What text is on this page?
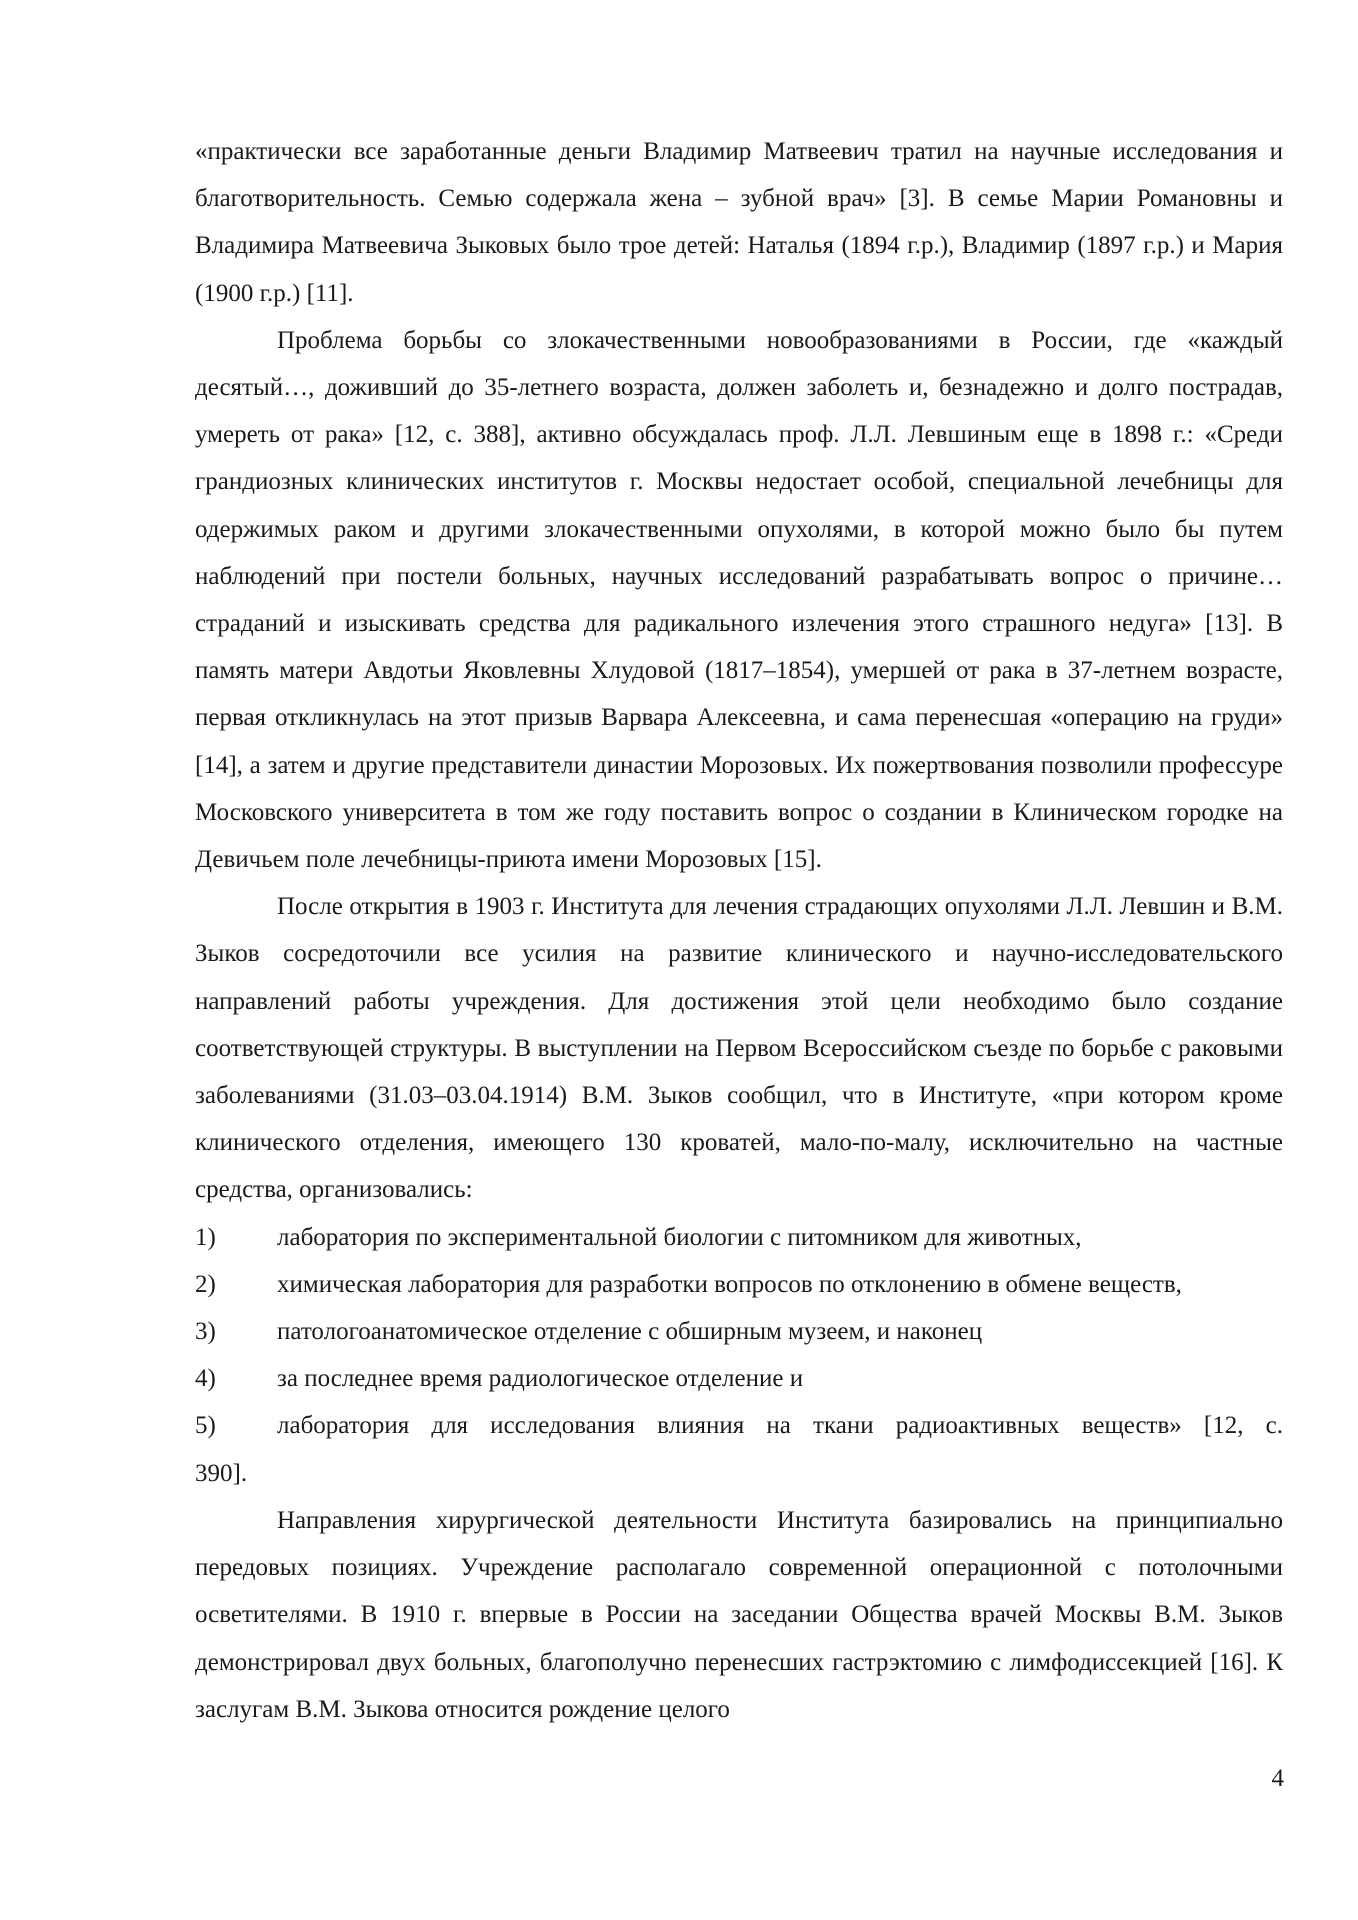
«практически все заработанные деньги Владимир Матвеевич тратил на научные исследования и благотворительность. Семью содержала жена – зубной врач» [3]. В семье Марии Романовны и Владимира Матвеевича Зыковых было трое детей: Наталья (1894 г.р.), Владимир (1897 г.р.) и Мария (1900 г.р.) [11].

Проблема борьбы со злокачественными новообразованиями в России, где «каждый десятый…, доживший до 35-летнего возраста, должен заболеть и, безнадежно и долго пострадав, умереть от рака» [12, с. 388], активно обсуждалась проф. Л.Л. Левшиным еще в 1898 г.: «Среди грандиозных клинических институтов г. Москвы недостает особой, специальной лечебницы для одержимых раком и другими злокачественными опухолями, в которой можно было бы путем наблюдений при постели больных, научных исследований разрабатывать вопрос о причине… страданий и изыскивать средства для радикального излечения этого страшного недуга» [13]. В память матери Авдотьи Яковлевны Хлудовой (1817–1854), умершей от рака в 37-летнем возрасте, первая откликнулась на этот призыв Варвара Алексеевна, и сама перенесшая «операцию на груди» [14], а затем и другие представители династии Морозовых. Их пожертвования позволили профессуре Московского университета в том же году поставить вопрос о создании в Клиническом городке на Девичьем поле лечебницы-приюта имени Морозовых [15].

После открытия в 1903 г. Института для лечения страдающих опухолями Л.Л. Левшин и В.М. Зыков сосредоточили все усилия на развитие клинического и научно-исследовательского направлений работы учреждения. Для достижения этой цели необходимо было создание соответствующей структуры. В выступлении на Первом Всероссийском съезде по борьбе с раковыми заболеваниями (31.03–03.04.1914) В.М. Зыков сообщил, что в Институте, «при котором кроме клинического отделения, имеющего 130 кроватей, мало-по-малу, исключительно на частные средства, организовались:

1)	лаборатория по экспериментальной биологии с питомником для животных,
2)	химическая лаборатория для разработки вопросов по отклонению в обмене веществ,
3)	патологоанатомическое отделение с обширным музеем, и наконец
4)	за последнее время радиологическое отделение и
5)	лаборатория для исследования влияния на ткани радиоактивных веществ» [12, с.

390].

Направления хирургической деятельности Института базировались на принципиально передовых позициях. Учреждение располагало современной операционной с потолочными осветителями. В 1910 г. впервые в России на заседании Общества врачей Москвы В.М. Зыков демонстрировал двух больных, благополучно перенесших гастрэктомию с лимфодиссекцией [16]. К заслугам В.М. Зыкова относится рождение целого

4
